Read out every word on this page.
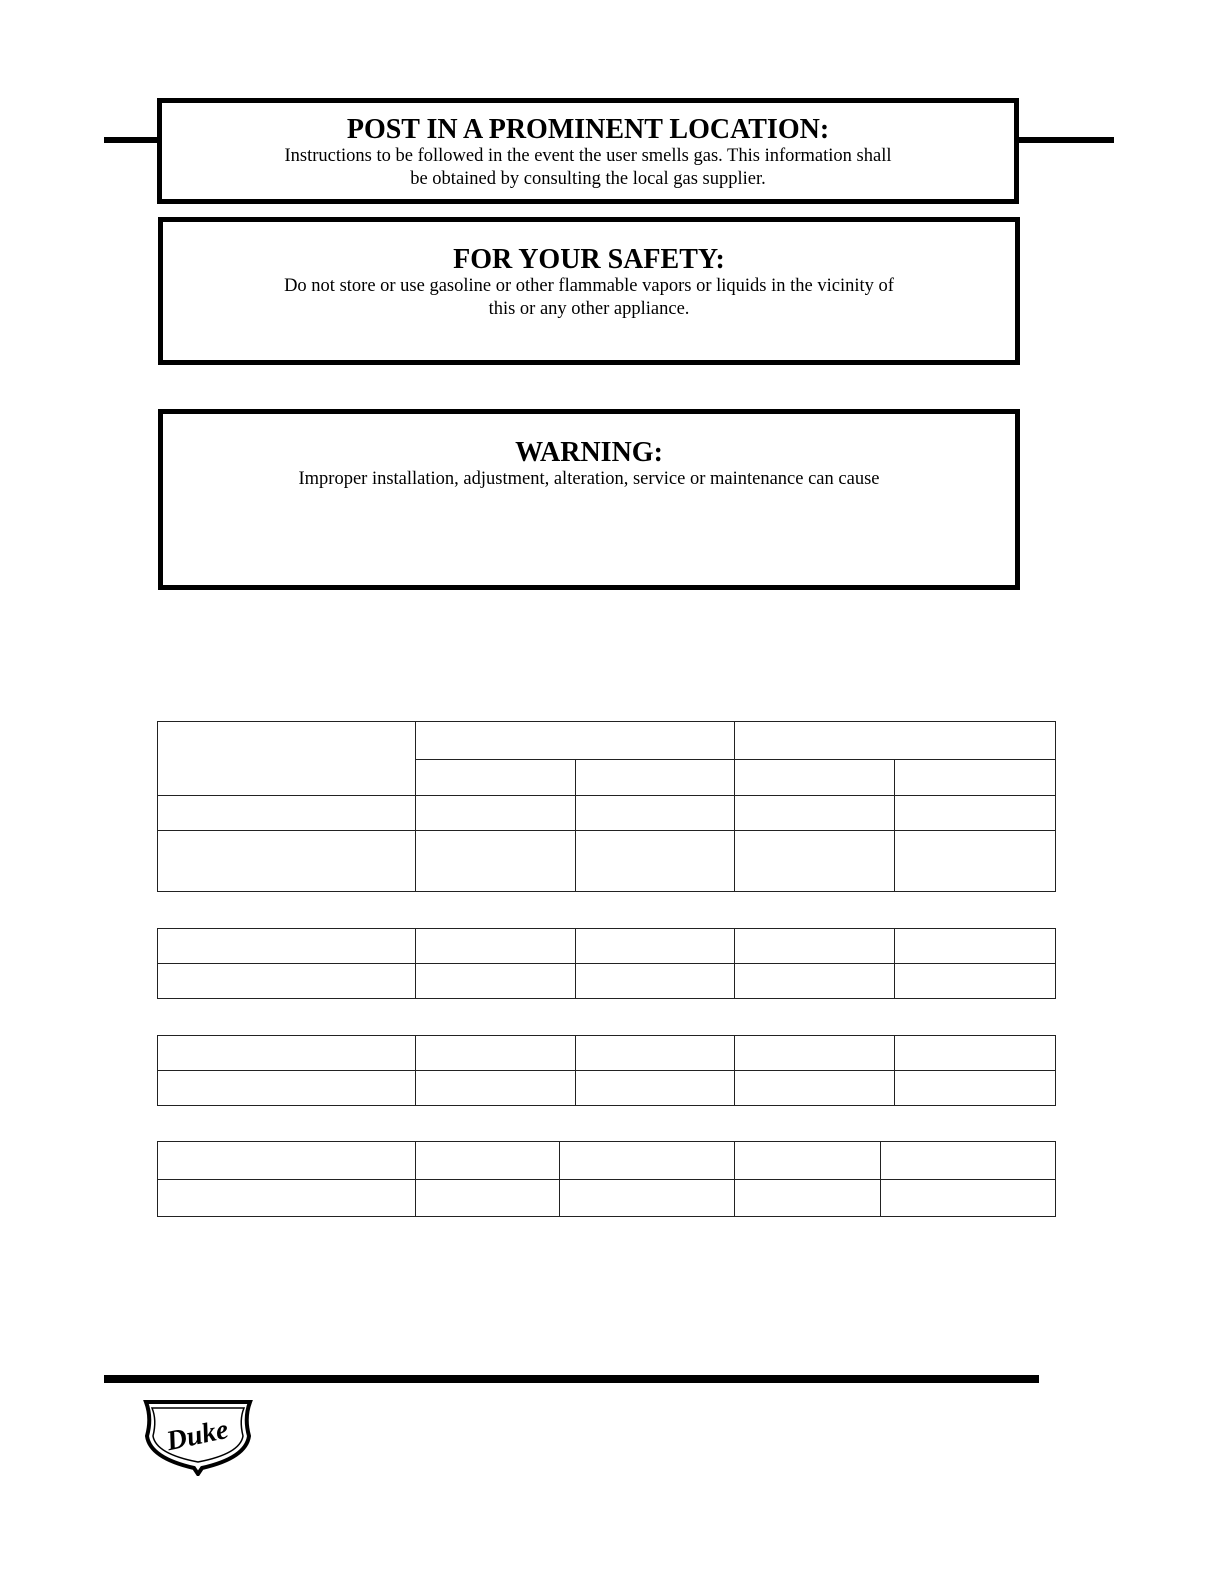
POST IN A PROMINENT LOCATION:
Instructions to be followed in the event the user smells gas. This information shall
be obtained by consulting the local gas supplier.
FOR YOUR SAFETY:
Do not store or use gasoline or other flammable vapors or liquids in the vicinity of
this or any other appliance.
WARNING:
Improper installation, adjustment, alteration, service or maintenance can cause

Duke
